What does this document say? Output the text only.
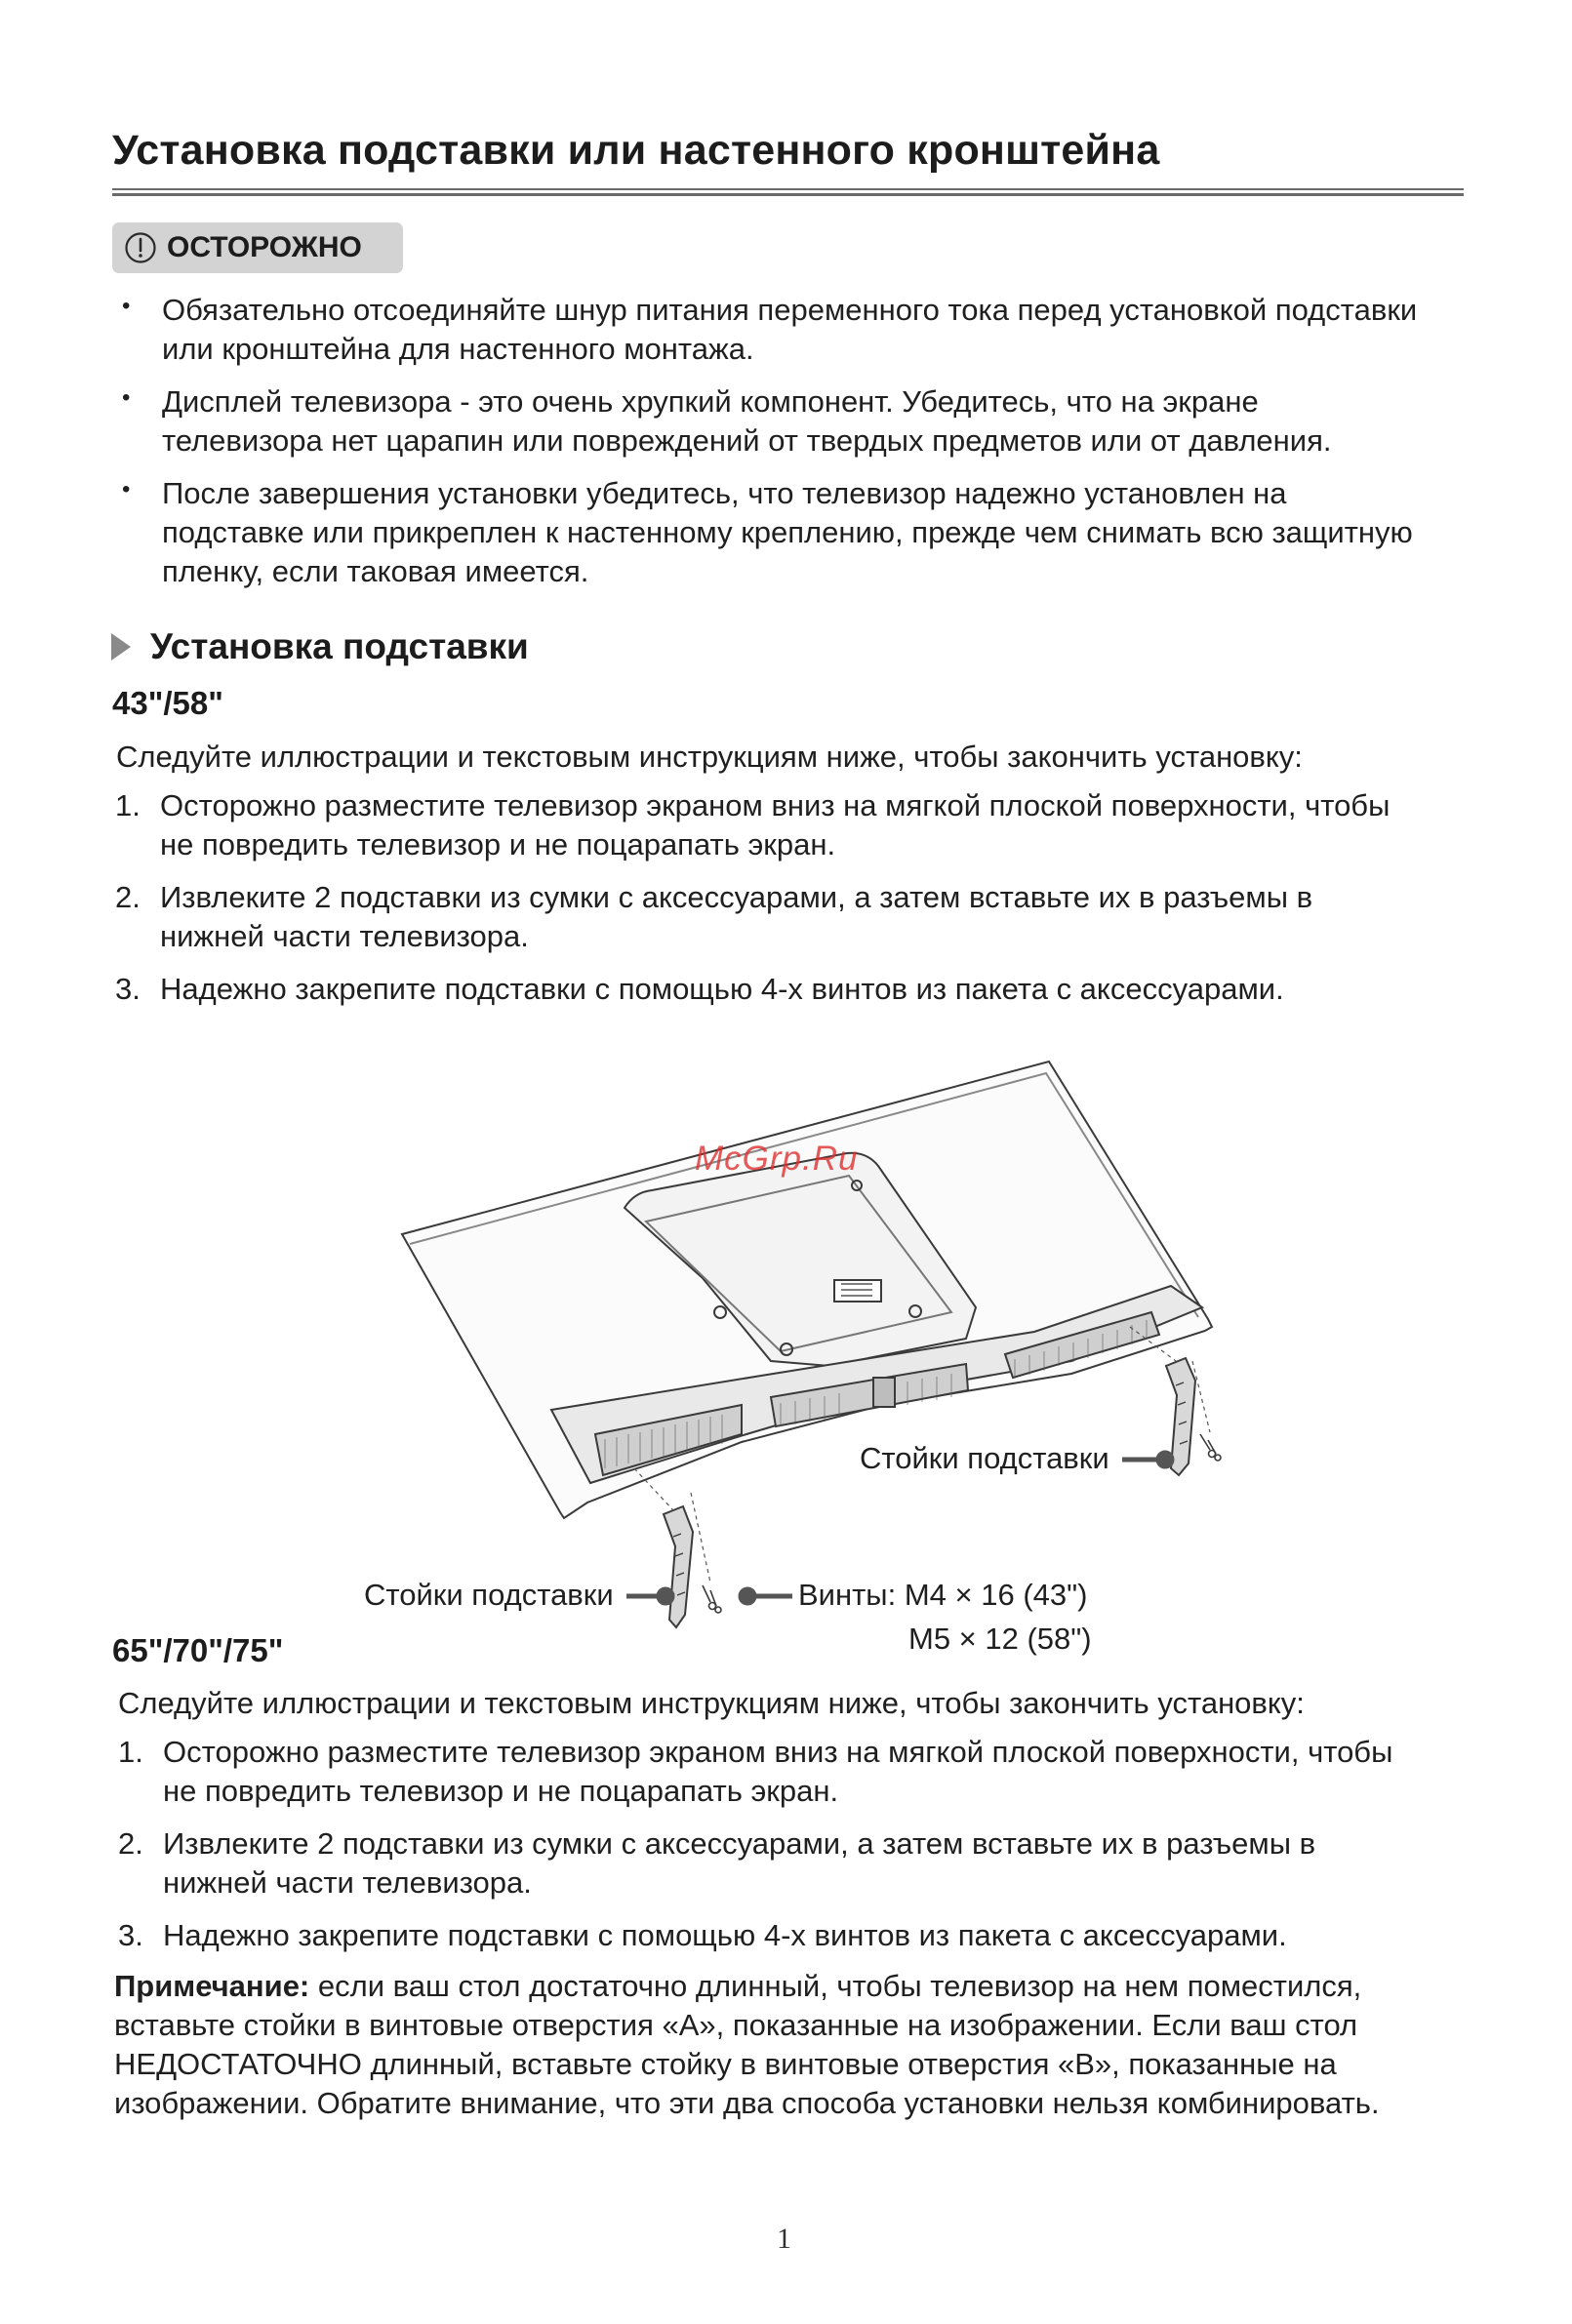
Установка подставки или настенного кронштейна
ОСТОРОЖНО
• Обязательно отсоединяйте шнур питания переменного тока перед установкой подставки
или кронштейна для настенного монтажа.
• Дисплей телевизора - это очень хрупкий компонент. Убедитесь, что на экране
телевизора нет царапин или повреждений от твердых предметов или от давления.
• После завершения установки убедитесь, что телевизор надежно установлен на
подставке или прикреплен к настенному креплению, прежде чем снимать всю защитную
пленку, если таковая имеется.
Установка подставки
43"/58"
Следуйте иллюстрации и текстовым инструкциям ниже, чтобы закончить установку:
1. Осторожно разместите телевизор экраном вниз на мягкой плоской поверхности, чтобы
не повредить телевизор и не поцарапать экран.
2. Извлеките 2 подставки из сумки с аксессуарами, а затем вставьте их в разъемы в
нижней части телевизора.
3. Надежно закрепите подставки с помощью 4-х винтов из пакета с аксессуарами.
McGrp.Ru
Стойки подставки
Стойки подставки	Винты: M4 × 16 (43")
M5 × 12 (58")
65"/70"/75"
Следуйте иллюстрации и текстовым инструкциям ниже, чтобы закончить установку:
1. Осторожно разместите телевизор экраном вниз на мягкой плоской поверхности, чтобы
не повредить телевизор и не поцарапать экран.
2. Извлеките 2 подставки из сумки с аксессуарами, а затем вставьте их в разъемы в
нижней части телевизора.
3. Надежно закрепите подставки с помощью 4-х винтов из пакета с аксессуарами.
Примечание: если ваш стол достаточно длинный, чтобы телевизор на нем поместился,
вставьте стойки в винтовые отверстия «A», показанные на изображении. Если ваш стол
НЕДОСТАТОЧНО длинный, вставьте стойку в винтовые отверстия «B», показанные на
изображении. Обратите внимание, что эти два способа установки нельзя комбинировать.
1
